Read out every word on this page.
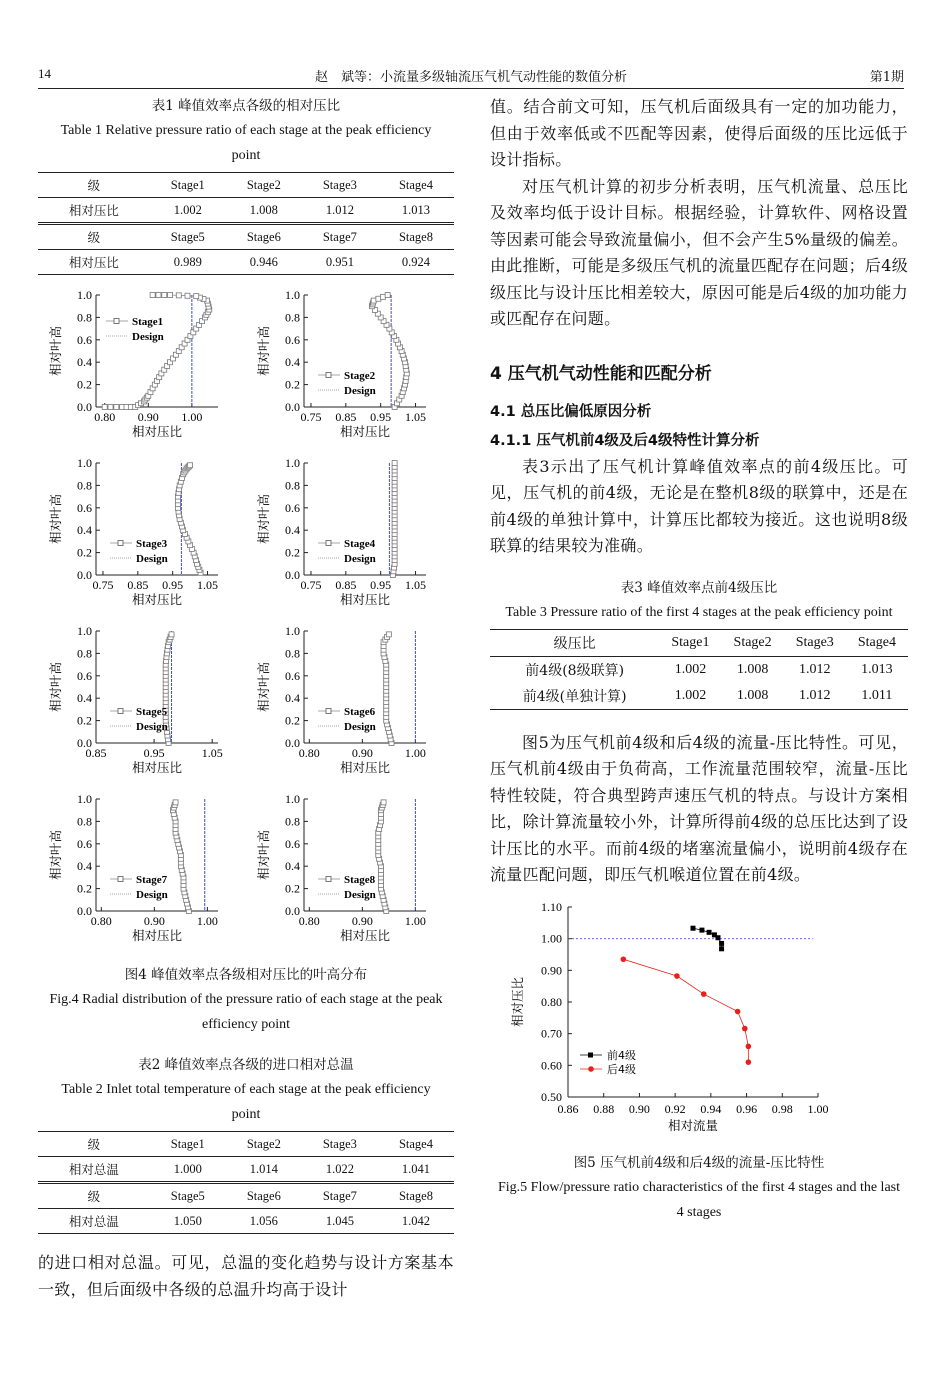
14	赵　斌等：小流量多级轴流压气机气动性能的数值分析	第1期
表1 峰值效率点各级的相对压比
Table 1 Relative pressure ratio of each stage at the peak efficiency point
级	Stage1	Stage2	Stage3	Stage4
相对压比	1.002	1.008	1.012	1.013
级	Stage5	Stage6	Stage7	Stage8
相对压比	0.989	0.946	0.951	0.924
0.0
0.2
0.4
0.6
0.8
1.0
0.80 0.90 1.00
相对压比
相对叶高
Stage1
Design
0.0
0.2
0.4
0.6
0.8
1.0
0.75 0.85 0.95 1.05
相对压比
相对叶高	Stage2
Design
0.0
0.2
0.4
0.6
0.8
1.0
0.75 0.85 0.95 1.05
相对压比
相对叶高	Stage3
Design
0.0
0.2
0.4
0.6
0.8
1.0
0.75 0.85 0.95 1.05
相对压比
相对叶高	Stage4
Design
0.0
0.2
0.4
0.6
0.8
1.0
0.85	0.95	1.05
相对压比
相对叶高	Stage5
Design
0.0
0.2
0.4
0.6
0.8
1.0
0.80	0.90	1.00
相对压比
相对叶高	Stage6
Design
0.0
0.2
0.4
0.6
0.8
1.0
0.80	0.90	1.00
相对压比
相对叶高	Stage7
Design
0.0
0.2
0.4
0.6
0.8
1.0
0.80	0.90	1.00
相对压比
相对叶高	Stage8
Design
图4 峰值效率点各级相对压比的叶高分布
Fig.4 Radial distribution of the pressure ratio of each stage at the peak efficiency point
表2 峰值效率点各级的进口相对总温
Table 2 Inlet total temperature of each stage at the peak efficiency point
级	Stage1	Stage2	Stage3	Stage4
相对总温	1.000	1.014	1.022	1.041
级	Stage5	Stage6	Stage7	Stage8
相对总温	1.050	1.056	1.045	1.042
的进口相对总温。可见，总温的变化趋势与设计方案基本一致，但后面级中各级的总温升均高于设计
值。结合前文可知，压气机后面级具有一定的加功能力，但由于效率低或不匹配等因素，使得后面级的压比远低于设计指标。
对压气机计算的初步分析表明，压气机流量、总压比及效率均低于设计目标。根据经验，计算软件、网格设置等因素可能会导致流量偏小，但不会产生5%量级的偏差。由此推断，可能是多级压气机的流量匹配存在问题；后4级级压比与设计压比相差较大，原因可能是后4级的加功能力或匹配存在问题。
4 压气机气动性能和匹配分析
4.1 总压比偏低原因分析
4.1.1 压气机前4级及后4级特性计算分析
表3示出了压气机计算峰值效率点的前4级压比。可见，压气机的前4级，无论是在整机8级的联算中，还是在前4级的单独计算中，计算压比都较为接近。这也说明8级联算的结果较为准确。
表3 峰值效率点前4级压比
Table 3 Pressure ratio of the first 4 stages at the peak efficiency point
级压比	Stage1	Stage2	Stage3	Stage4
前4级(8级联算)	1.002	1.008	1.012	1.013
前4级(单独计算)	1.002	1.008	1.012	1.011
图5为压气机前4级和后4级的流量-压比特性。可见，压气机前4级由于负荷高，工作流量范围较窄，流量-压比特性较陡，符合典型跨声速压气机的特点。与设计方案相比，除计算流量较小外，计算所得前4级的总压比达到了设计压比的水平。而前4级的堵塞流量偏小，说明前4级存在流量匹配问题，即压气机喉道位置在前4级。
0.50
0.60
0.70
0.80
0.90
1.00
1.10
0.86 0.88 0.90 0.92 0.94 0.96 0.98 1.00
相对流量
相对压比
前4级
后4级
图5 压气机前4级和后4级的流量-压比特性
Fig.5 Flow/pressure ratio characteristics of the first 4 stages and the last 4 stages
